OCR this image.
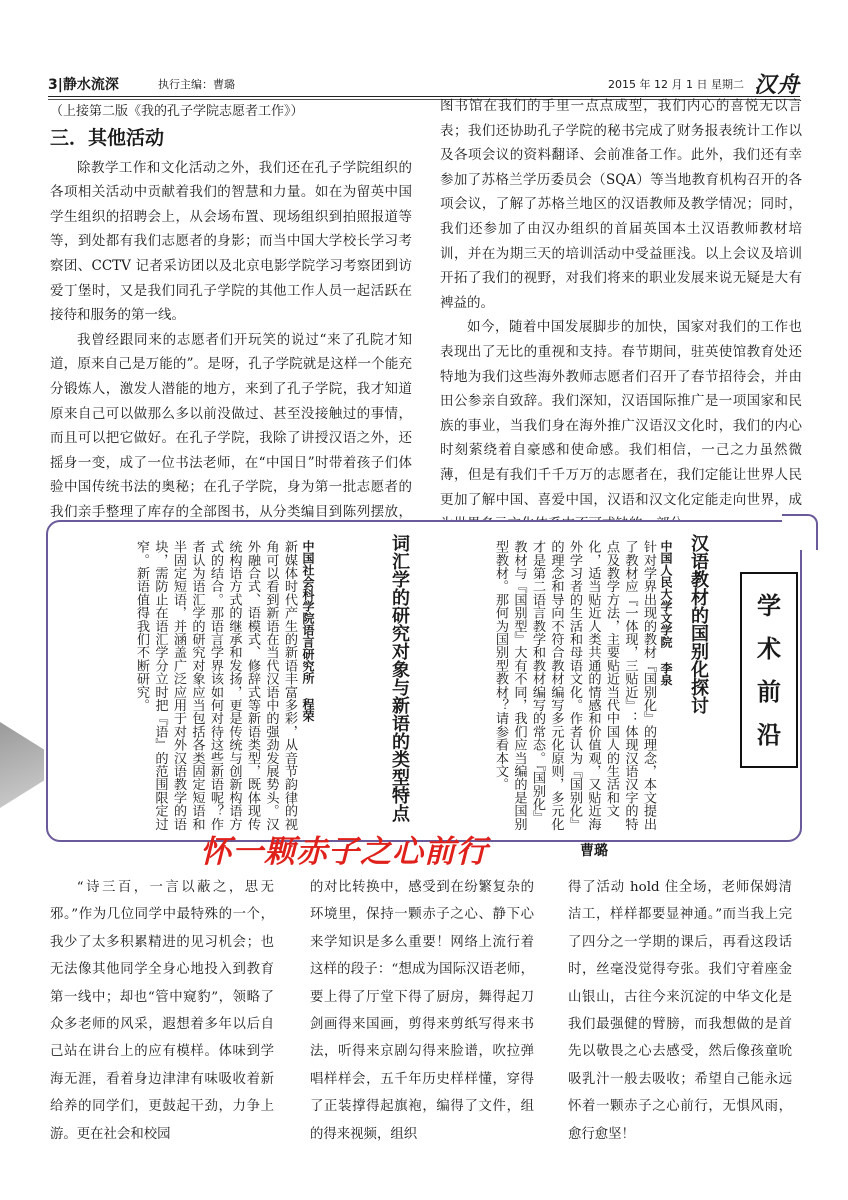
3|静水流深	执行主编：曹璐	2015 年 12 月 1 日 星期二 汉舟
（上接第二版《我的孔子学院志愿者工作》）
三．其他活动

除教学工作和文化活动之外，我们还在孔子学院组织的各项相关活动中贡献着我们的智慧和力量。如在为留英中国学生组织的招聘会上，从会场布置、现场组织到拍照报道等等，到处都有我们志愿者的身影；而当中国大学校长学习考察团、CCTV 记者采访团以及北京电影学院学习考察团到访爱丁堡时，又是我们同孔子学院的其他工作人员一起活跃在接待和服务的第一线。

我曾经跟同来的志愿者们开玩笑的说过“来了孔院才知道，原来自己是万能的”。是呀，孔子学院就是这样一个能充分锻炼人，激发人潜能的地方，来到了孔子学院，我才知道原来自己可以做那么多以前没做过、甚至没接触过的事情，而且可以把它做好。在孔子学院，我除了讲授汉语之外，还摇身一变，成了一位书法老师，在“中国日”时带着孩子们体验中国传统书法的奥秘；在孔子学院，身为第一批志愿者的我们亲手整理了库存的全部图书，从分类编目到陈列摆放，

图书馆在我们的手里一点点成型，我们内心的喜悦无以言表；我们还协助孔子学院的秘书完成了财务报表统计工作以及各项会议的资料翻译、会前准备工作。此外，我们还有幸参加了苏格兰学历委员会（SQA）等当地教育机构召开的各项会议，了解了苏格兰地区的汉语教师及教学情况；同时，我们还参加了由汉办组织的首届英国本土汉语教师教材培训，并在为期三天的培训活动中受益匪浅。以上会议及培训开拓了我们的视野，对我们将来的职业发展来说无疑是大有裨益的。

如今，随着中国发展脚步的加快，国家对我们的工作也表现出了无比的重视和支持。春节期间，驻英使馆教育处还特地为我们这些海外教师志愿者们召开了春节招待会，并由田公参亲自致辞。我们深知，汉语国际推广是一项国家和民族的事业，当我们身在海外推广汉语汉文化时，我们的内心时刻萦绕着自豪感和使命感。我们相信，一己之力虽然微薄，但是有我们千千万万的志愿者在，我们定能让世界人民更加了解中国、喜爱中国，汉语和汉文化定能走向世界，成

学
术
前
沿
汉语教材的国别化探讨
中国人民大学文学院 李泉
针对学界出现的教材『国别化』的理念，本文提出了教材应『一体现，三贴近』：体现汉语汉字的特点及教学方法，主要贴近当代中国人的生活和文化，适当贴近人类共通的情感和价值观，又贴近海外学习者的生活和母语文化。作者认为『国别化』的理念和导向不符合教材编写多元化原则，多元化才是第二语言教学和教材编写的常态。『国别化』教材与『国别型』大有不同，我们应当编的是国别型教材。那何为国别型教材？请参看本文。
词汇学的研究对象与新语的类型特点
中国社会科学院语言研究所 程荣
新媒体时代产生的新语丰富多彩，从音节韵律的视角可以看到新语在当代汉语中的强劲发展势头。汉外融合式、语模式、修辞式等新语类型，既体现传统构语方式的继承和发扬，更是传统与创新构语方式的结合。那语言学界该如何对待这些新语呢？作者认为语汇学的研究对象应当包括各类固定短语和半固定短语，并涵盖广泛应用于对外汉语教学的语块，需防止在语汇学分立时把『语』的范围限定过窄。新语值得我们不断研究。
怀一颗赤子之心前行	曹璐

“诗三百，一言以蔽之，思无邪。”作为几位同学中最特殊的一个，我少了太多积累精进的见习机会；也无法像其他同学全身心地投入到教育第一线中；却也“管中窥豹”，领略了众多老师的风采，遐想着多年以后自己站在讲台上的应有模样。体味到学海无涯，看着身边津津有味吸收着新给养的同学们，更鼓起干劲，力争上游。更在社会和校园

的对比转换中，感受到在纷繁复杂的环境里，保持一颗赤子之心、静下心来学知识是多么重要！网络上流行着这样的段子：“想成为国际汉语老师，要上得了厅堂下得了厨房，舞得起刀剑画得来国画，剪得来剪纸写得来书法，听得来京剧勾得来脸谱，吹拉弹唱样样会，五千年历史样样懂，穿得了正装撑得起旗袍，编得了文件，组的得来视频，组织

得了活动 hold 住全场，老师保姆清洁工，样样都要显神通。”而当我上完了四分之一学期的课后，再看这段话时，丝毫没觉得夸张。我们守着座金山银山，古往今来沉淀的中华文化是我们最强健的臂膀，而我想做的是首先以敬畏之心去感受，然后像孩童吮吸乳汁一般去吸收；希望自己能永远怀着一颗赤子之心前行，无惧风雨，愈行愈坚！
